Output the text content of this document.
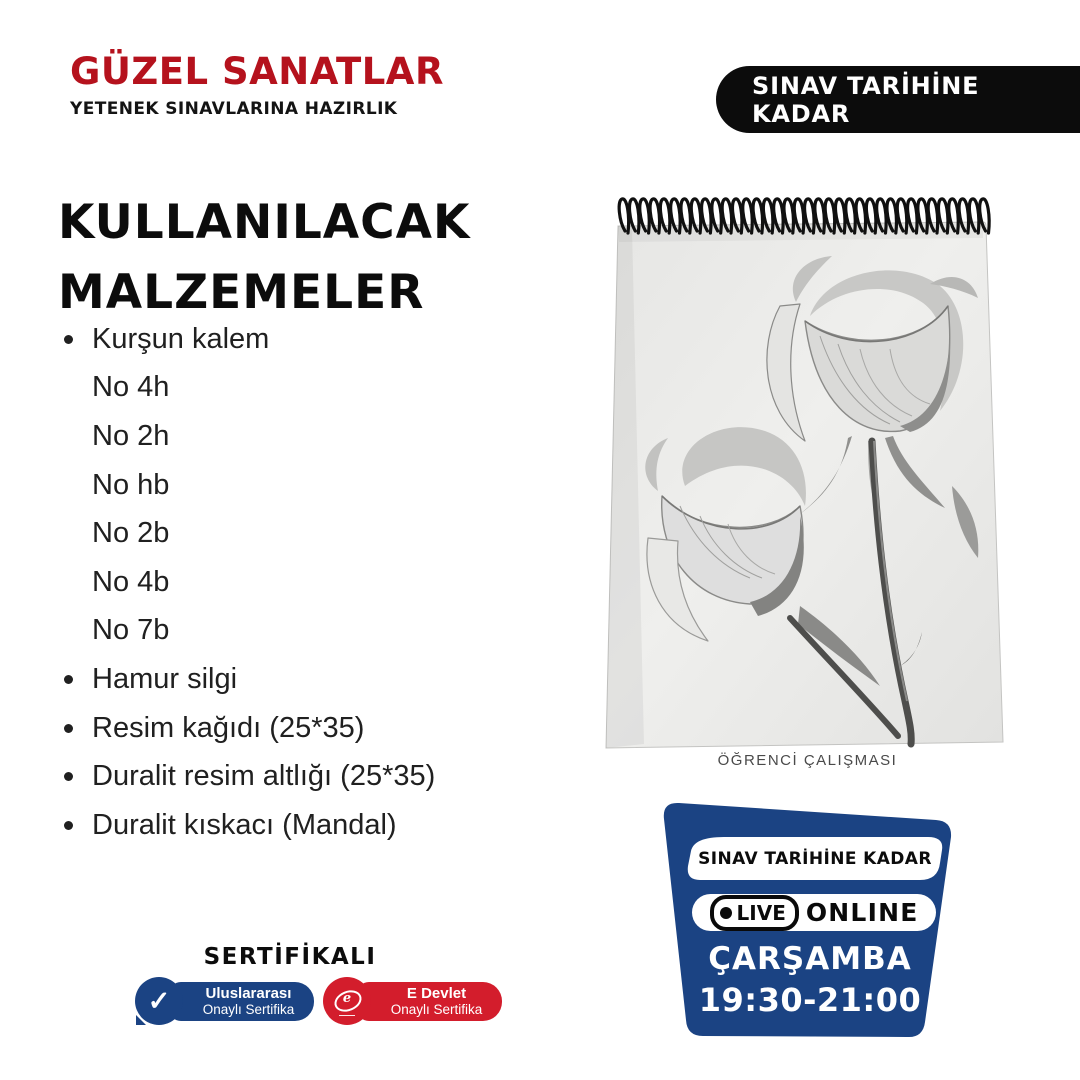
GÜZEL SANATLAR
YETENEK SINAVLARINA HAZIRLIK
SINAV TARİHİNE KADAR
KULLANILACAK
MALZEMELER
Kurşun kalem
No 4h
No 2h
No hb
No 2b
No 4b
No 7b
Hamur silgi
Resim kağıdı (25*35)
Duralit resim altlığı (25*35)
Duralit kıskacı (Mandal)
ÖĞRENCİ ÇALIŞMASI
SINAV TARİHİNE KADAR
LIVE ONLINE
ÇARŞAMBA
19:30-21:00
SERTİFİKALI
✓	Uluslararası
Onaylı Sertifika
e	E Devlet
Onaylı Sertifika
